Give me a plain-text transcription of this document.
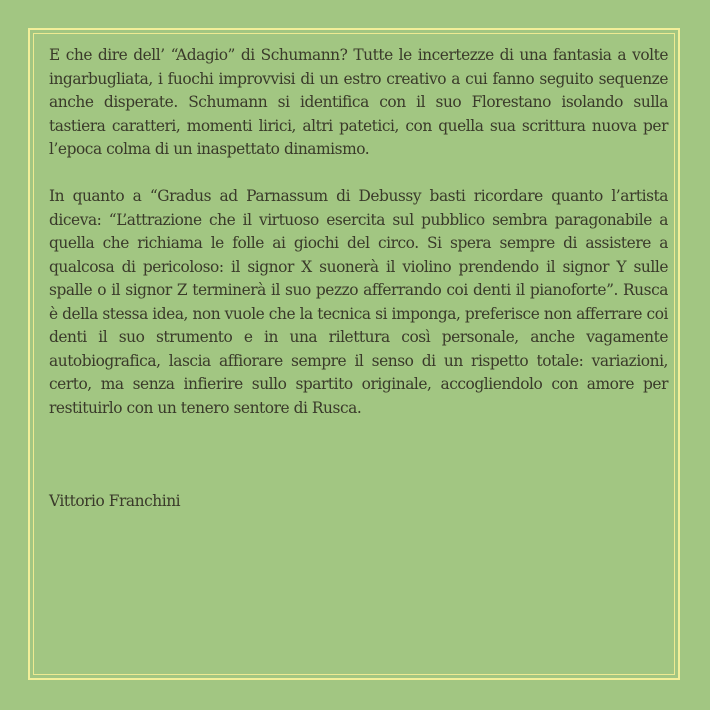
E che dire dell’ “Adagio” di Schumann? Tutte le incertezze di una fantasia a volte ingarbugliata, i fuochi improvvisi di un estro creativo a cui fanno seguito sequenze anche disperate. Schumann si identifica con il suo Florestano isolando sulla tastiera caratteri, momenti lirici, altri patetici, con quella sua scrittura nuova per l’epoca colma di un inaspettato dinamismo.

In quanto a “Gradus ad Parnassum di Debussy basti ricordare quanto l’artista diceva: “L’attrazione che il virtuoso esercita sul pubblico sembra paragonabile a quella che richiama le folle ai giochi del circo. Si spera sempre di assistere a qualcosa di pericoloso: il signor X suonerà il violino prendendo il signor Y sulle spalle o il signor Z terminerà il suo pezzo afferrando coi denti il pianoforte”. Rusca è della stessa idea, non vuole che la tecnica si imponga, preferisce non afferrare coi denti il suo strumento e in una rilettura così personale, anche vagamente autobiografica, lascia affiorare sempre il senso di un rispetto totale: variazioni, certo, ma senza infierire sullo spartito originale, accogliendolo con amore per restituirlo con un tenero sentore di Rusca.

Vittorio Franchini
